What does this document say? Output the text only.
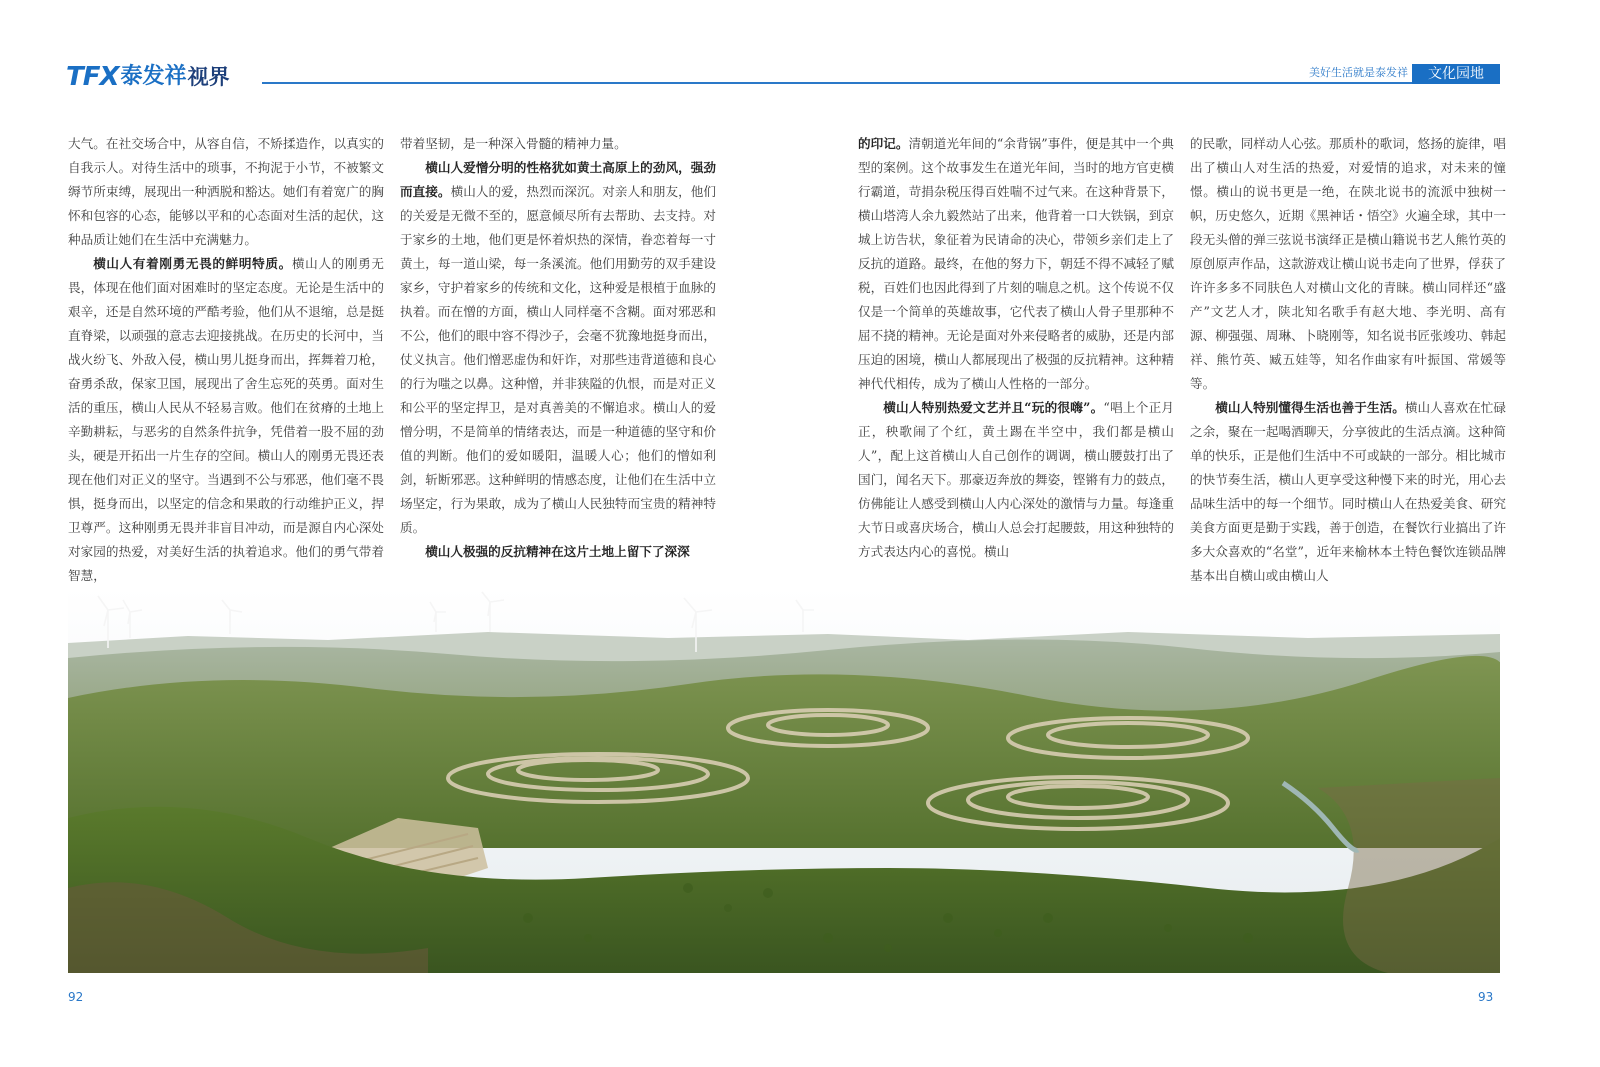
TFX 泰发祥 视界	美好生活就是泰发祥	文化园地

大气。在社交场合中，从容自信，不矫揉造作，以真实的自我示人。对待生活中的琐事，不拘泥于小节，不被繁文缛节所束缚，展现出一种洒脱和豁达。她们有着宽广的胸怀和包容的心态，能够以平和的心态面对生活的起伏，这种品质让她们在生活中充满魅力。

横山人有着刚勇无畏的鲜明特质。横山人的刚勇无畏，体现在他们面对困难时的坚定态度。无论是生活中的艰辛，还是自然环境的严酷考验，他们从不退缩，总是挺直脊梁，以顽强的意志去迎接挑战。在历史的长河中，当战火纷飞、外敌入侵，横山男儿挺身而出，挥舞着刀枪，奋勇杀敌，保家卫国，展现出了舍生忘死的英勇。面对生活的重压，横山人民从不轻易言败。他们在贫瘠的土地上辛勤耕耘，与恶劣的自然条件抗争，凭借着一股不屈的劲头，硬是开拓出一片生存的空间。横山人的刚勇无畏还表现在他们对正义的坚守。当遇到不公与邪恶，他们毫不畏惧，挺身而出，以坚定的信念和果敢的行动维护正义，捍卫尊严。这种刚勇无畏并非盲目冲动，而是源自内心深处对家园的热爱，对美好生活的执着追求。他们的勇气带着智慧，

带着坚韧，是一种深入骨髓的精神力量。

横山人爱憎分明的性格犹如黄土高原上的劲风，强劲而直接。横山人的爱，热烈而深沉。对亲人和朋友，他们的关爱是无微不至的，愿意倾尽所有去帮助、去支持。对于家乡的土地，他们更是怀着炽热的深情，眷恋着每一寸黄土，每一道山梁，每一条溪流。他们用勤劳的双手建设家乡，守护着家乡的传统和文化，这种爱是根植于血脉的执着。而在憎的方面，横山人同样毫不含糊。面对邪恶和不公，他们的眼中容不得沙子，会毫不犹豫地挺身而出，仗义执言。他们憎恶虚伪和奸诈，对那些违背道德和良心的行为嗤之以鼻。这种憎，并非狭隘的仇恨，而是对正义和公平的坚定捍卫，是对真善美的不懈追求。横山人的爱憎分明，不是简单的情绪表达，而是一种道德的坚守和价值的判断。他们的爱如暖阳，温暖人心；他们的憎如利剑，斩断邪恶。这种鲜明的情感态度，让他们在生活中立场坚定，行为果敢，成为了横山人民独特而宝贵的精神特质。

横山人极强的反抗精神在这片土地上留下了深深

的印记。清朝道光年间的“余背锅”事件，便是其中一个典型的案例。这个故事发生在道光年间，当时的地方官吏横行霸道，苛捐杂税压得百姓喘不过气来。在这种背景下，横山塔湾人余九毅然站了出来，他背着一口大铁锅，到京城上访告状，象征着为民请命的决心，带领乡亲们走上了反抗的道路。最终，在他的努力下，朝廷不得不减轻了赋税，百姓们也因此得到了片刻的喘息之机。这个传说不仅仅是一个简单的英雄故事，它代表了横山人骨子里那种不屈不挠的精神。无论是面对外来侵略者的威胁，还是内部压迫的困境，横山人都展现出了极强的反抗精神。这种精神代代相传，成为了横山人性格的一部分。

横山人特别热爱文艺并且“玩的很嗨”。“唱上个正月正，秧歌闹了个红，黄土踢在半空中，我们都是横山人”，配上这首横山人自己创作的调调，横山腰鼓打出了国门，闻名天下。那豪迈奔放的舞姿，铿锵有力的鼓点，仿佛能让人感受到横山人内心深处的激情与力量。每逢重大节日或喜庆场合，横山人总会打起腰鼓，用这种独特的方式表达内心的喜悦。横山

的民歌，同样动人心弦。那质朴的歌词，悠扬的旋律，唱出了横山人对生活的热爱，对爱情的追求，对未来的憧憬。横山的说书更是一绝，在陕北说书的流派中独树一帜，历史悠久，近期《黑神话・悟空》火遍全球，其中一段无头僧的弹三弦说书演绎正是横山籍说书艺人熊竹英的原创原声作品，这款游戏让横山说书走向了世界，俘获了许许多多不同肤色人对横山文化的青睐。横山同样还“盛产”文艺人才，陕北知名歌手有赵大地、李光明、高有源、柳强强、周琳、卜晓刚等，知名说书匠张竣功、韩起祥、熊竹英、臧五娃等，知名作曲家有叶振国、常媛等等。

横山人特别懂得生活也善于生活。横山人喜欢在忙碌之余，聚在一起喝酒聊天，分享彼此的生活点滴。这种简单的快乐，正是他们生活中不可或缺的一部分。相比城市的快节奏生活，横山人更享受这种慢下来的时光，用心去品味生活中的每一个细节。同时横山人在热爱美食、研究美食方面更是勤于实践，善于创造，在餐饮行业搞出了许多大众喜欢的“名堂”，近年来榆林本土特色餐饮连锁品牌基本出自横山或由横山人

92	93
